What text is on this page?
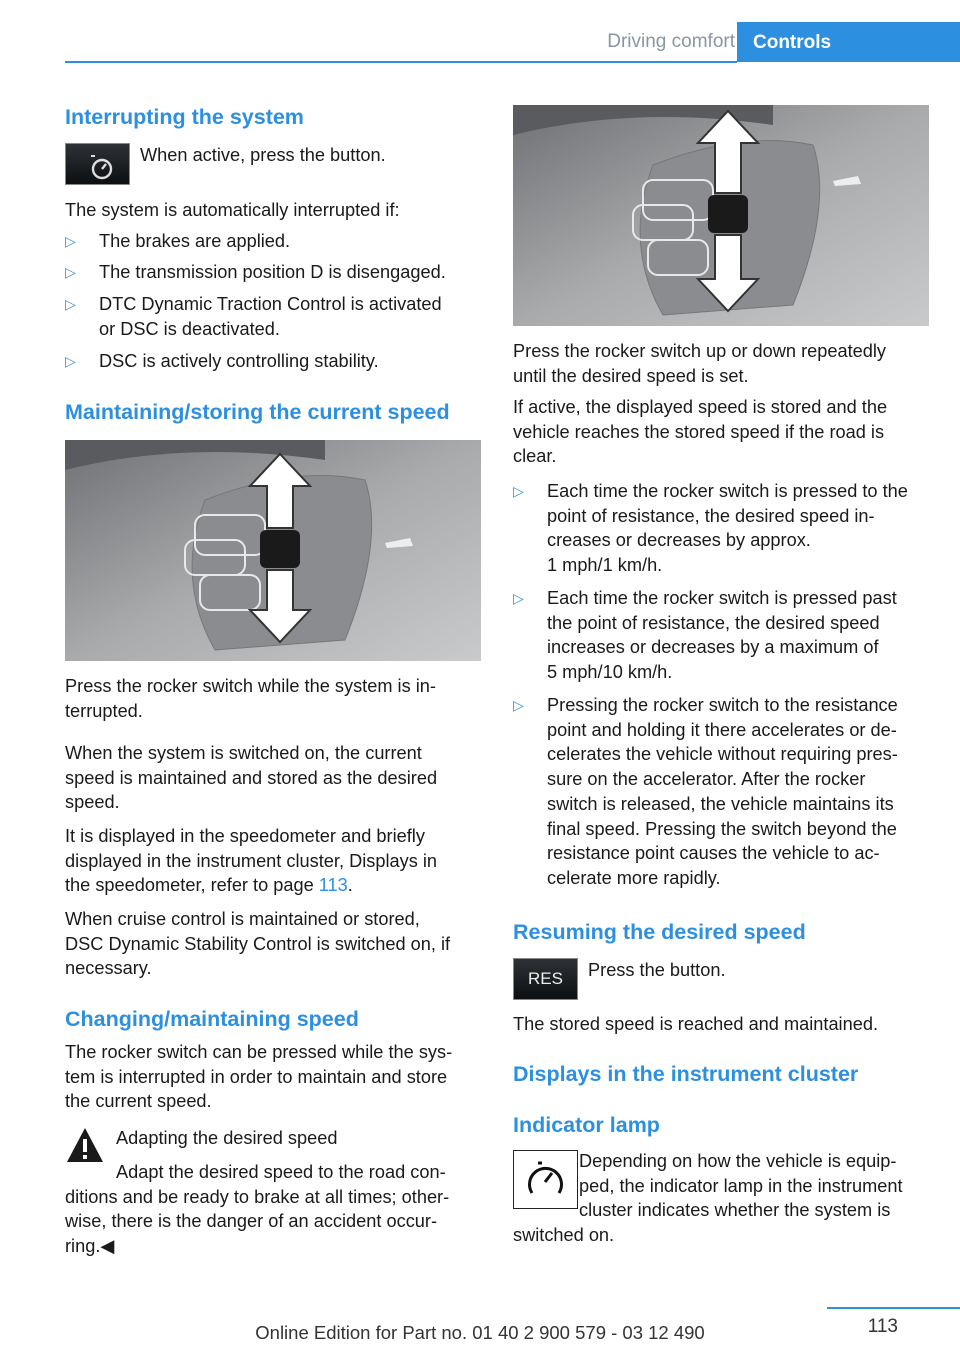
Driving comfort Controls
Interrupting the system
When active, press the button.
The system is automatically interrupted if:
▷
The brakes are applied.
▷
The transmission position D is disengaged.
▷
DTC Dynamic Traction Control is activated
or DSC is deactivated.
▷
DSC is actively controlling stability.
Maintaining/storing the current speed
Press the rocker switch while the system is in-
terrupted.
When the system is switched on, the current
speed is maintained and stored as the desired
speed.
It is displayed in the speedometer and briefly
displayed in the instrument cluster, Displays in
the speedometer, refer to page 113.
When cruise control is maintained or stored,
DSC Dynamic Stability Control is switched on, if
necessary.
Changing/maintaining speed
The rocker switch can be pressed while the sys-
tem is interrupted in order to maintain and store
the current speed.
Adapting the desired speed
Adapt the desired speed to the road con-
ditions and be ready to brake at all times; other-
wise, there is the danger of an accident occur-
ring.◀
Press the rocker switch up or down repeatedly
until the desired speed is set.
If active, the displayed speed is stored and the
vehicle reaches the stored speed if the road is
clear.
▷
Each time the rocker switch is pressed to the
point of resistance, the desired speed in-
creases or decreases by approx.
1 mph/1 km/h.
▷
Each time the rocker switch is pressed past
the point of resistance, the desired speed
increases or decreases by a maximum of
5 mph/10 km/h.
▷
Pressing the rocker switch to the resistance
point and holding it there accelerates or de-
celerates the vehicle without requiring pres-
sure on the accelerator. After the rocker
switch is released, the vehicle maintains its
final speed. Pressing the switch beyond the
resistance point causes the vehicle to ac-
celerate more rapidly.
Resuming the desired speed
RES	Press the button.
The stored speed is reached and maintained.
Displays in the instrument cluster
Indicator lamp
Depending on how the vehicle is equip-
ped, the indicator lamp in the instrument
cluster indicates whether the system is
switched on.
113
Online Edition for Part no. 01 40 2 900 579 - 03 12 490
